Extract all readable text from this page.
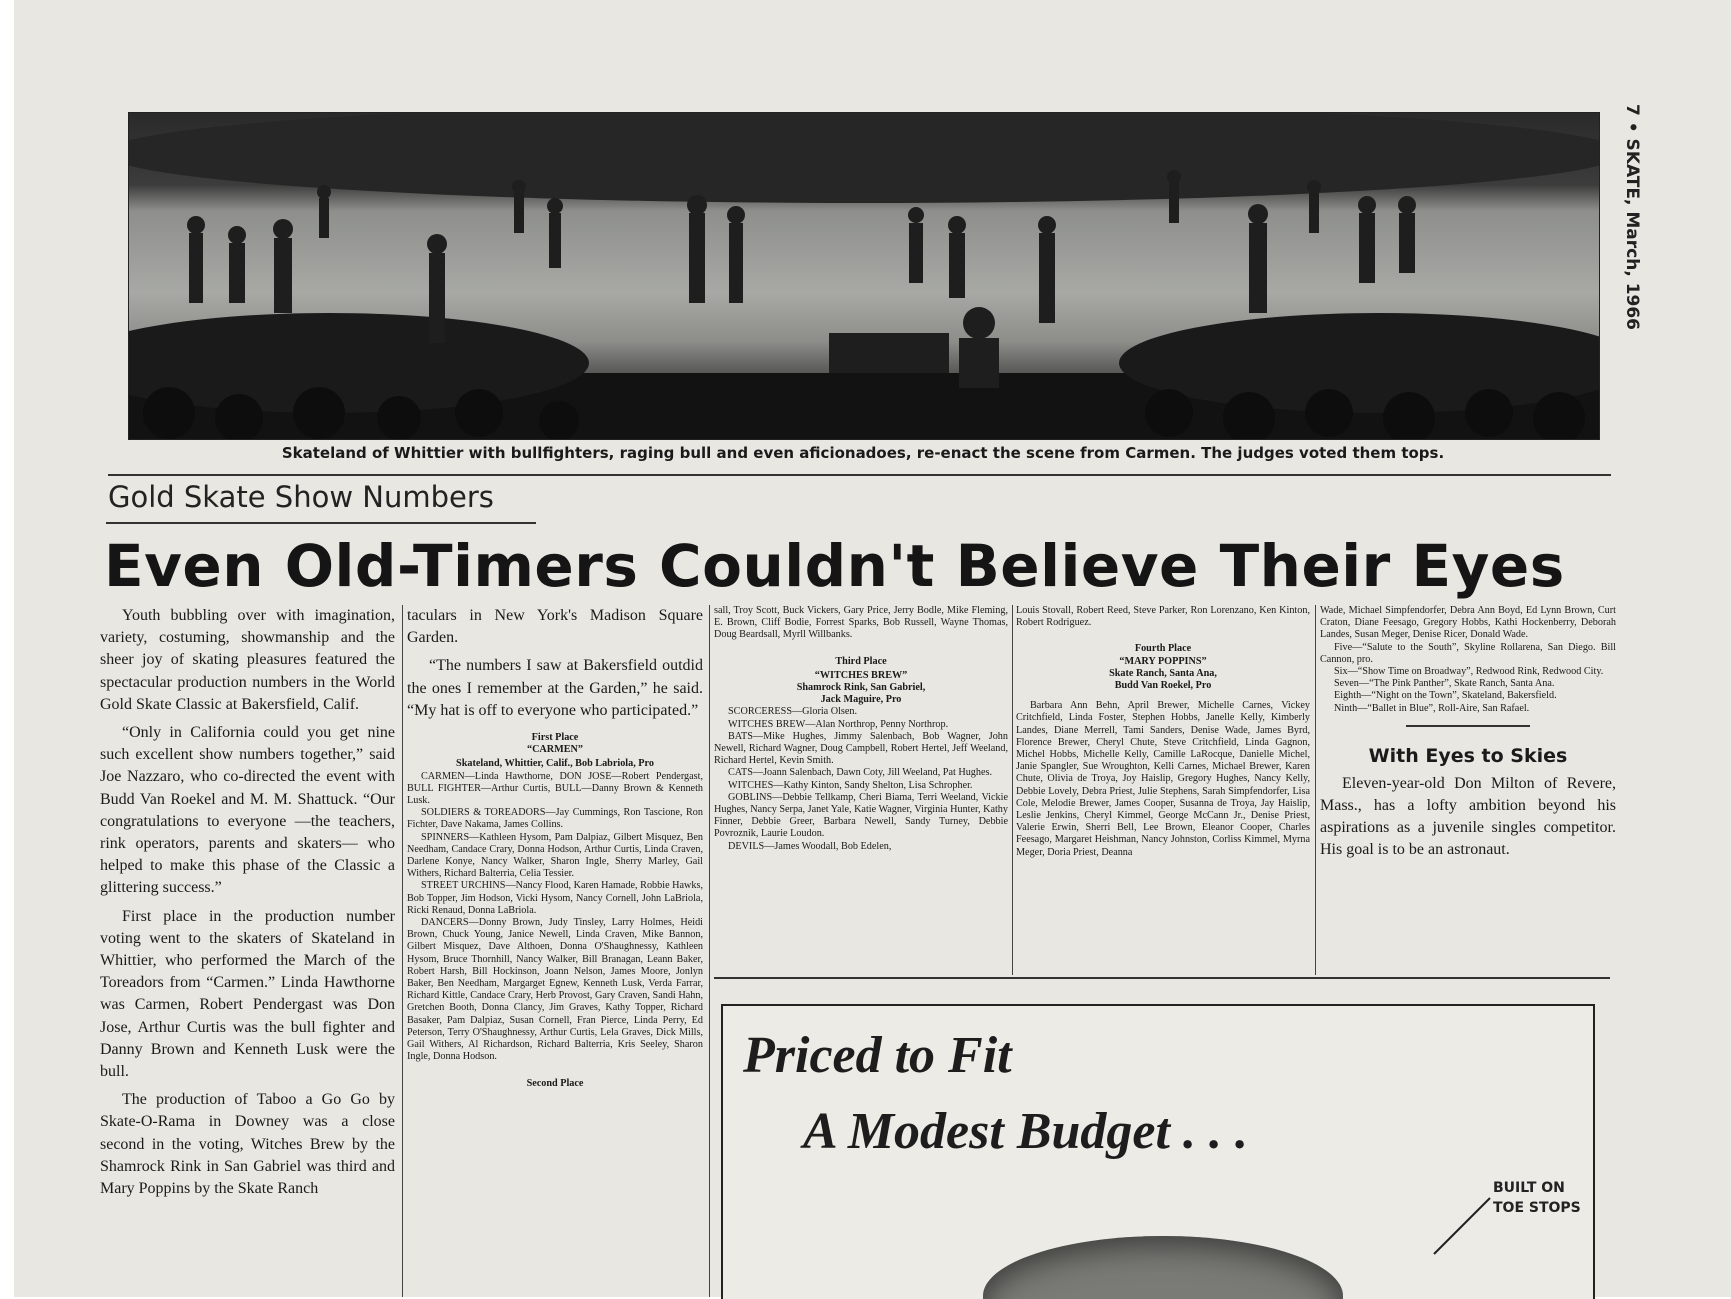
7 • SKATE, March, 1966
Skateland of Whittier with bullfighters, raging bull and even aficionadoes, re-enact the scene from Carmen. The judges voted them tops.
Gold Skate Show Numbers
Even Old-Timers Couldn't Believe Their Eyes

Youth bubbling over with imagination, variety, costuming, showmanship and the sheer joy of skating pleasures featured the spectacular production numbers in the World Gold Skate Classic at Bakersfield, Calif.

“Only in California could you get nine such excellent show numbers together,” said Joe Nazzaro, who co-directed the event with Budd Van Roekel and M. M. Shattuck. “Our congratulations to everyone —the teachers, rink operators, parents and skaters— who helped to make this phase of the Classic a glittering success.”

First place in the production number voting went to the skaters of Skateland in Whittier, who performed the March of the Toreadors from “Carmen.” Linda Hawthorne was Carmen, Robert Pendergast was Don Jose, Arthur Curtis was the bull fighter and Danny Brown and Kenneth Lusk were the bull.

The production of Taboo a Go Go by Skate-O-Rama in Downey was a close second in the voting, Witches Brew by the Shamrock Rink in San Gabriel was third and Mary Poppins by the Skate Ranch

taculars in New York's Madison Square Garden.

“The numbers I saw at Bakersfield outdid the ones I remember at the Garden,” he said. “My hat is off to everyone who participated.”

First Place

“CARMEN”

Skateland, Whittier, Calif., Bob Labriola, Pro

CARMEN—Linda Hawthorne, DON JOSE—Robert Pendergast, BULL FIGHTER—Arthur Curtis, BULL—Danny Brown & Kenneth Lusk.

SOLDIERS & TOREADORS—Jay Cummings, Ron Tascione, Ron Fichter, Dave Nakama, James Collins.

SPINNERS—Kathleen Hysom, Pam Dalpiaz, Gilbert Misquez, Ben Needham, Candace Crary, Donna Hodson, Arthur Curtis, Linda Craven, Darlene Konye, Nancy Walker, Sharon Ingle, Sherry Marley, Gail Withers, Richard Balterria, Celia Tessier.

STREET URCHINS—Nancy Flood, Karen Hamade, Robbie Hawks, Bob Topper, Jim Hodson, Vicki Hysom, Nancy Cornell, John LaBriola, Ricki Renaud, Donna LaBriola.

DANCERS—Donny Brown, Judy Tinsley, Larry Holmes, Heidi Brown, Chuck Young, Janice Newell, Linda Craven, Mike Bannon, Gilbert Misquez, Dave Althoen, Donna O'Shaughnessy, Kathleen Hysom, Bruce Thornhill, Nancy Walker, Bill Branagan, Leann Baker, Robert Harsh, Bill Hockinson, Joann Nelson, James Moore, Jonlyn Baker, Ben Needham, Margarget Egnew, Kenneth Lusk, Verda Farrar, Richard Kittle, Candace Crary, Herb Provost, Gary Craven, Sandi Hahn, Gretchen Booth, Donna Clancy, Jim Graves, Kathy Topper, Richard Basaker, Pam Dalpiaz, Susan Cornell, Fran Pierce, Linda Perry, Ed Peterson, Terry O'Shaughnessy, Arthur Curtis, Lela Graves, Dick Mills, Gail Withers, Al Richardson, Richard Balterria, Kris Seeley, Sharon Ingle, Donna Hodson.

Second Place

sall, Troy Scott, Buck Vickers, Gary Price, Jerry Bodle, Mike Fleming, E. Brown, Cliff Bodie, Forrest Sparks, Bob Russell, Wayne Thomas, Doug Beardsall, Myrll Willbanks.

Third Place

“WITCHES BREW”

Shamrock Rink, San Gabriel,

Jack Maguire, Pro

SCORCERESS—Gloria Olsen.

WITCHES BREW—Alan Northrop, Penny Northrop.

BATS—Mike Hughes, Jimmy Salenbach, Bob Wagner, John Newell, Richard Wagner, Doug Campbell, Robert Hertel, Jeff Weeland, Richard Hertel, Kevin Smith.

CATS—Joann Salenbach, Dawn Coty, Jill Weeland, Pat Hughes.

WITCHES—Kathy Kinton, Sandy Shelton, Lisa Schropher.

GOBLINS—Debbie Tellkamp, Cheri Biama, Terri Weeland, Vickie Hughes, Nancy Serpa, Janet Yale, Katie Wagner, Virginia Hunter, Kathy Finner, Debbie Greer, Barbara Newell, Sandy Turney, Debbie Povroznik, Laurie Loudon.

DEVILS—James Woodall, Bob Edelen,

Louis Stovall, Robert Reed, Steve Parker, Ron Lorenzano, Ken Kinton, Robert Rodriguez.

Fourth Place

“MARY POPPINS”

Skate Ranch, Santa Ana,

Budd Van Roekel, Pro

Barbara Ann Behn, April Brewer, Michelle Carnes, Vickey Critchfield, Linda Foster, Stephen Hobbs, Janelle Kelly, Kimberly Landes, Diane Merrell, Tami Sanders, Denise Wade, James Byrd, Florence Brewer, Cheryl Chute, Steve Critchfield, Linda Gagnon, Michel Hobbs, Michelle Kelly, Camille LaRocque, Danielle Michel, Janie Spangler, Sue Wroughton, Kelli Carnes, Michael Brewer, Karen Chute, Olivia de Troya, Joy Haislip, Gregory Hughes, Nancy Kelly, Debbie Lovely, Debra Priest, Julie Stephens, Sarah Simpfendorfer, Lisa Cole, Melodie Brewer, James Cooper, Susanna de Troya, Jay Haislip, Leslie Jenkins, Cheryl Kimmel, George McCann Jr., Denise Priest, Valerie Erwin, Sherri Bell, Lee Brown, Eleanor Cooper, Charles Feesago, Margaret Heishman, Nancy Johnston, Corliss Kimmel, Myrna Meger, Doria Priest, Deanna

Wade, Michael Simpfendorfer, Debra Ann Boyd, Ed Lynn Brown, Curt Craton, Diane Feesago, Gregory Hobbs, Kathi Hockenberry, Deborah Landes, Susan Meger, Denise Ricer, Donald Wade.

Five—“Salute to the South”, Skyline Rollarena, San Diego. Bill Cannon, pro.

Six—“Show Time on Broadway”, Redwood Rink, Redwood City.

Seven—“The Pink Panther”, Skate Ranch, Santa Ana.

Eighth—“Night on the Town”, Skateland, Bakersfield.

Ninth—“Ballet in Blue”, Roll-Aire, San Rafael.

With Eyes to Skies

Eleven-year-old Don Milton of Revere, Mass., has a lofty ambition beyond his aspirations as a juvenile singles competitor. His goal is to be an astronaut.

Priced to Fit
A Modest Budget . . .
BUILT ON
TOE STOPS
